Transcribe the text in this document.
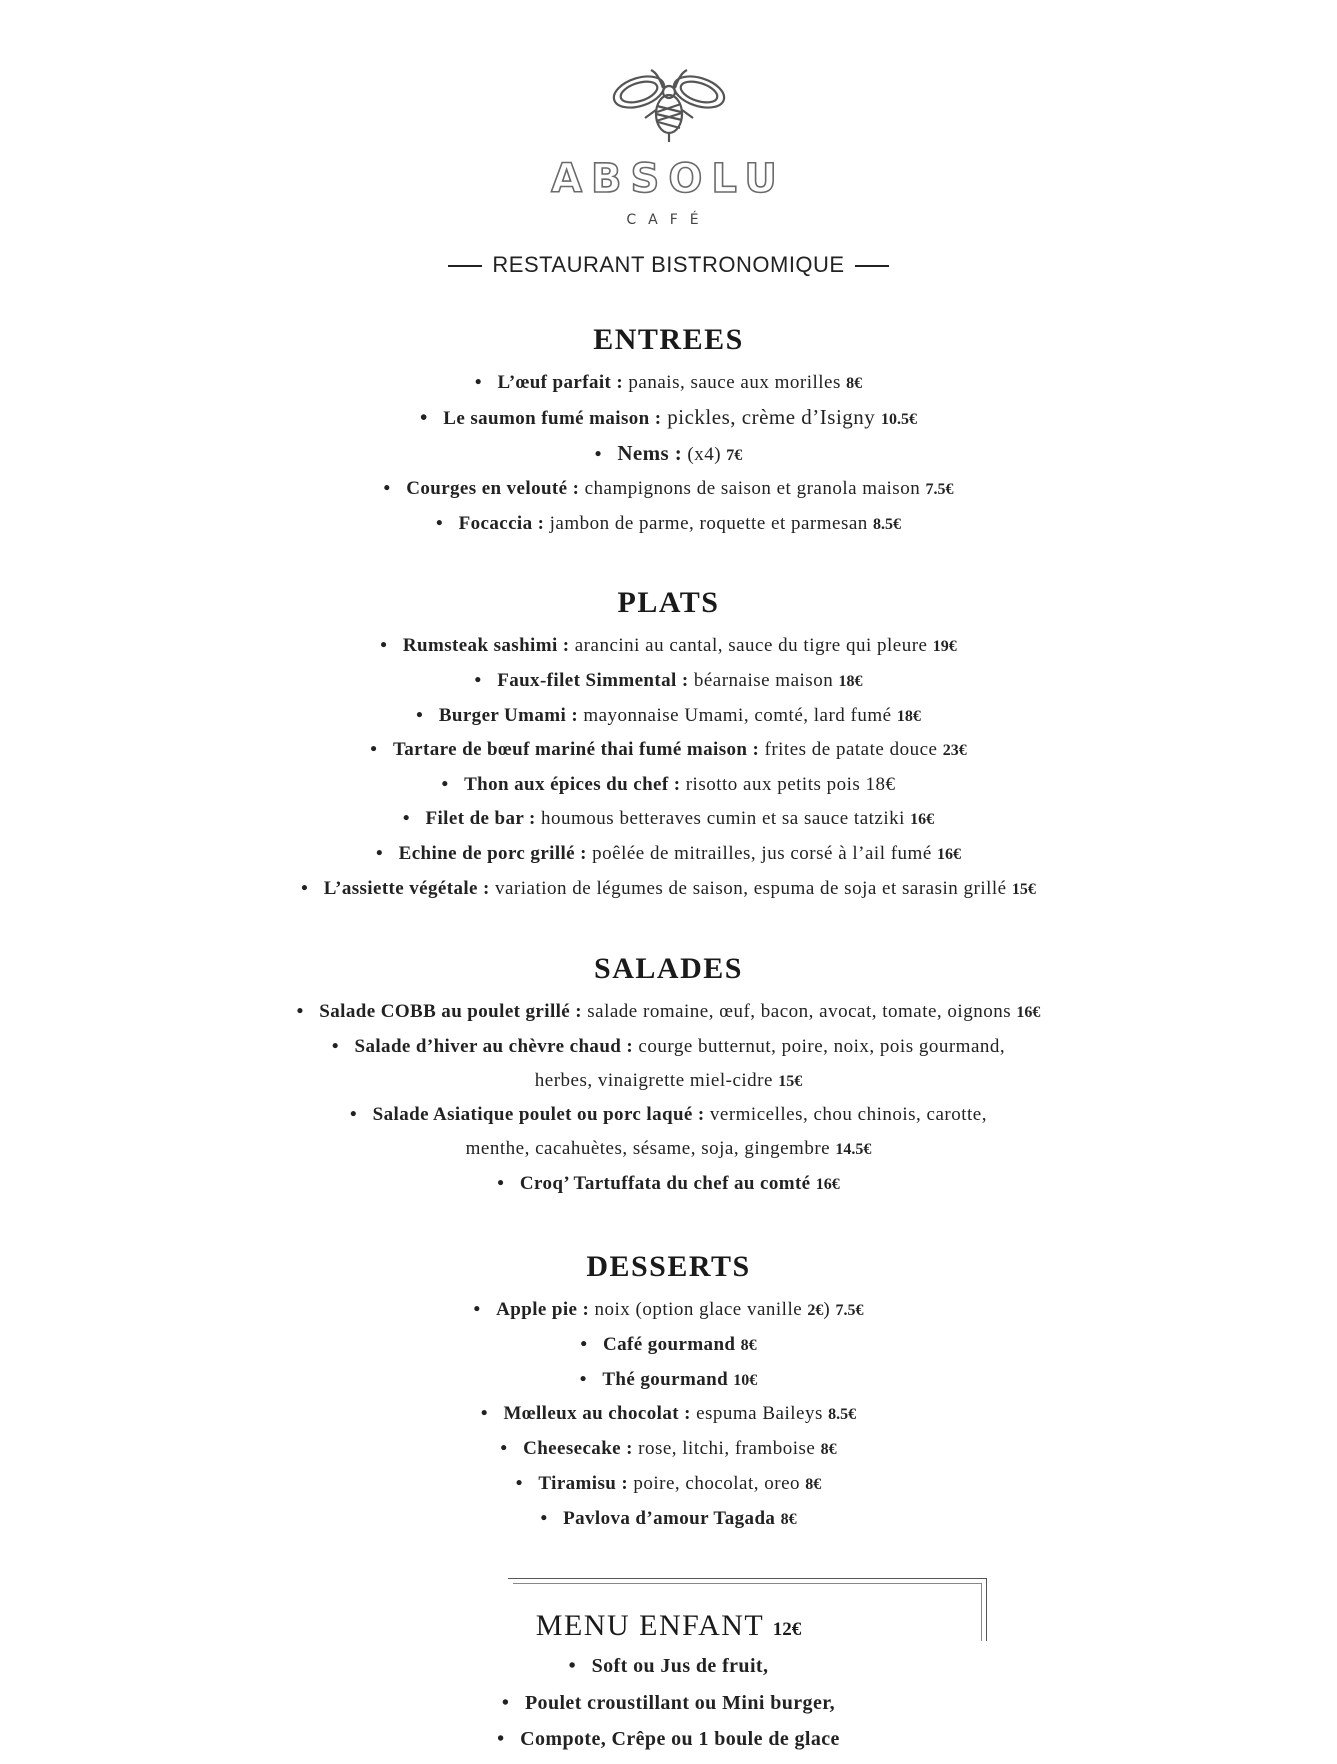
ABSOLU
CAFÉ
RESTAURANT BISTRONOMIQUE
ENTREES
• L’œuf parfait : panais, sauce aux morilles 8€
• Le saumon fumé maison : pickles, crème d’Isigny 10.5€
• Nems : (x4) 7€
• Courges en velouté : champignons de saison et granola maison 7.5€
• Focaccia : jambon de parme, roquette et parmesan 8.5€
PLATS
• Rumsteak sashimi : arancini au cantal, sauce du tigre qui pleure 19€
• Faux-filet Simmental : béarnaise maison 18€
• Burger Umami : mayonnaise Umami, comté, lard fumé 18€
• Tartare de bœuf mariné thai fumé maison : frites de patate douce 23€
• Thon aux épices du chef : risotto aux petits pois 18€
• Filet de bar : houmous betteraves cumin et sa sauce tatziki 16€
• Echine de porc grillé : poêlée de mitrailles, jus corsé à l’ail fumé 16€
• L’assiette végétale : variation de légumes de saison, espuma de soja et sarasin grillé 15€
SALADES
• Salade COBB au poulet grillé : salade romaine, œuf, bacon, avocat, tomate, oignons 16€
• Salade d’hiver au chèvre chaud : courge butternut, poire, noix, pois gourmand,
herbes, vinaigrette miel-cidre 15€
• Salade Asiatique poulet ou porc laqué : vermicelles, chou chinois, carotte,
menthe, cacahuètes, sésame, soja, gingembre 14.5€
• Croq’ Tartuffata du chef au comté 16€
DESSERTS
• Apple pie : noix (option glace vanille 2€) 7.5€
• Café gourmand 8€
• Thé gourmand 10€
• Mœlleux au chocolat : espuma Baileys 8.5€
• Cheesecake : rose, litchi, framboise 8€
• Tiramisu : poire, chocolat, oreo 8€
• Pavlova d’amour Tagada 8€
MENU ENFANT 12€
• Soft ou Jus de fruit,
• Poulet croustillant ou Mini burger,
• Compote, Crêpe ou 1 boule de glace
